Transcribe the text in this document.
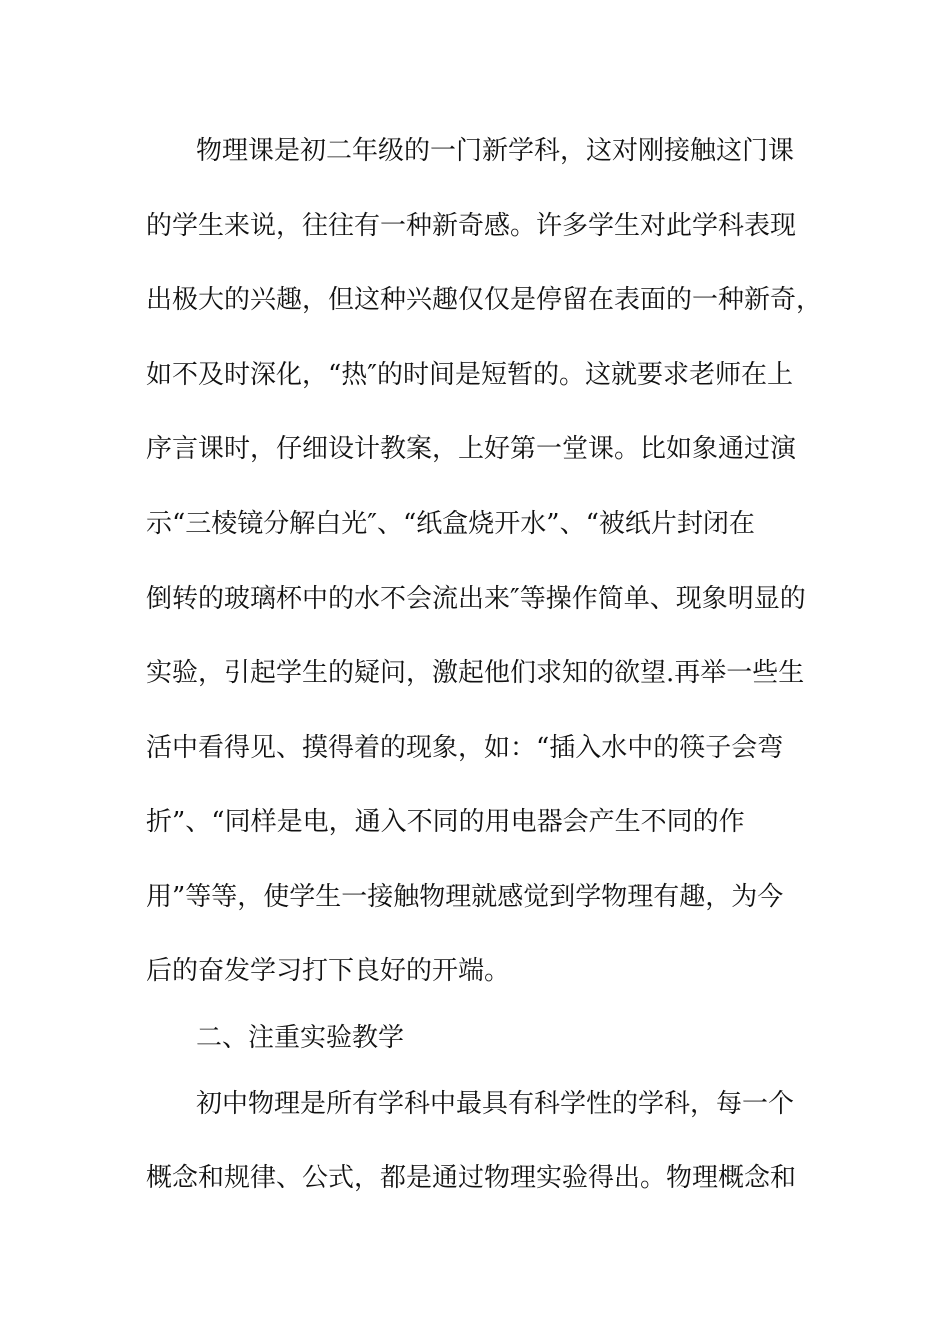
物理课是初二年级的一门新学科，这对刚接触这门课
的学生来说，往往有一种新奇感。许多学生对此学科表现
出极大的兴趣，但这种兴趣仅仅是停留在表面的一种新奇，
如不及时深化，“热″的时间是短暂的。这就要求老师在上
序言课时，仔细设计教案，上好第一堂课。比如象通过演
示“三棱镜分解白光″、“纸盒烧开水”、“被纸片封闭在
倒转的玻璃杯中的水不会流出来″等操作简单、现象明显的
实验，引起学生的疑问，激起他们求知的欲望.再举一些生
活中看得见、摸得着的现象，如：“插入水中的筷子会弯
折”、“同样是电，通入不同的用电器会产生不同的作
用”等等，使学生一接触物理就感觉到学物理有趣，为今
后的奋发学习打下良好的开端。
二、注重实验教学
初中物理是所有学科中最具有科学性的学科，每一个
概念和规律、公式，都是通过物理实验得出。物理概念和
